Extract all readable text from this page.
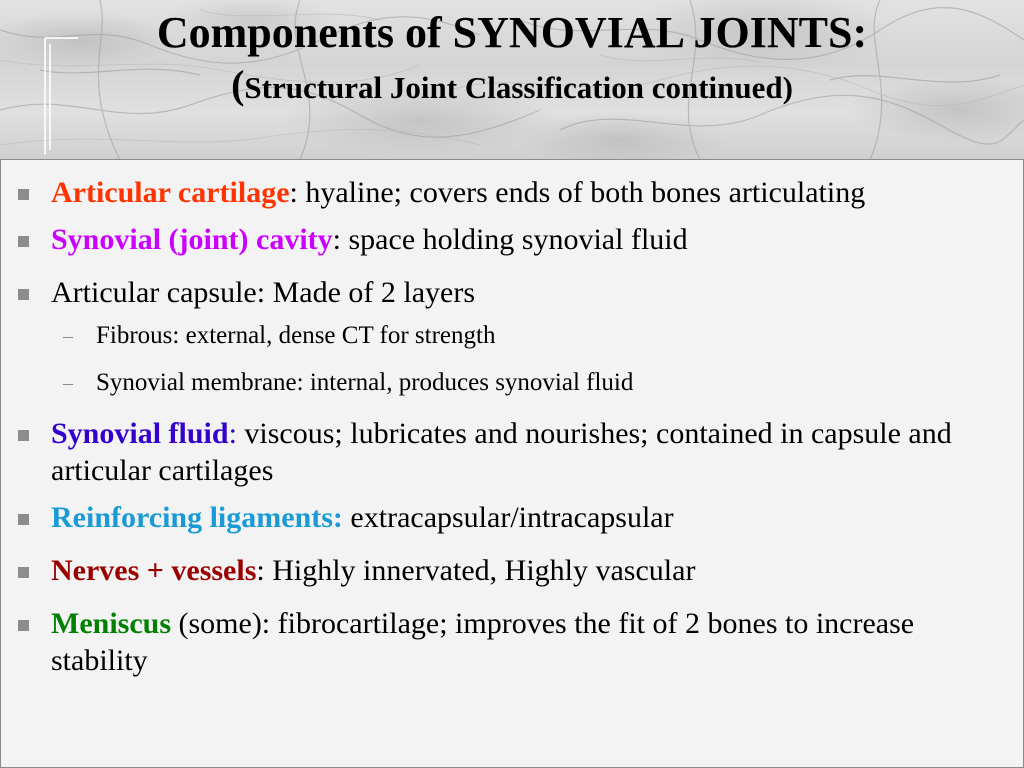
Components of SYNOVIAL JOINTS:
(Structural Joint Classification continued)
Articular cartilage: hyaline; covers ends of both bones articulating
Synovial (joint) cavity: space holding synovial fluid
Articular capsule: Made of 2 layers
– Fibrous: external, dense CT for strength
– Synovial membrane: internal, produces synovial fluid
Synovial fluid: viscous; lubricates and nourishes; contained in capsule and articular cartilages
Reinforcing ligaments: extracapsular/intracapsular
Nerves + vessels: Highly innervated, Highly vascular
Meniscus (some): fibrocartilage; improves the fit of 2 bones to increase stability
